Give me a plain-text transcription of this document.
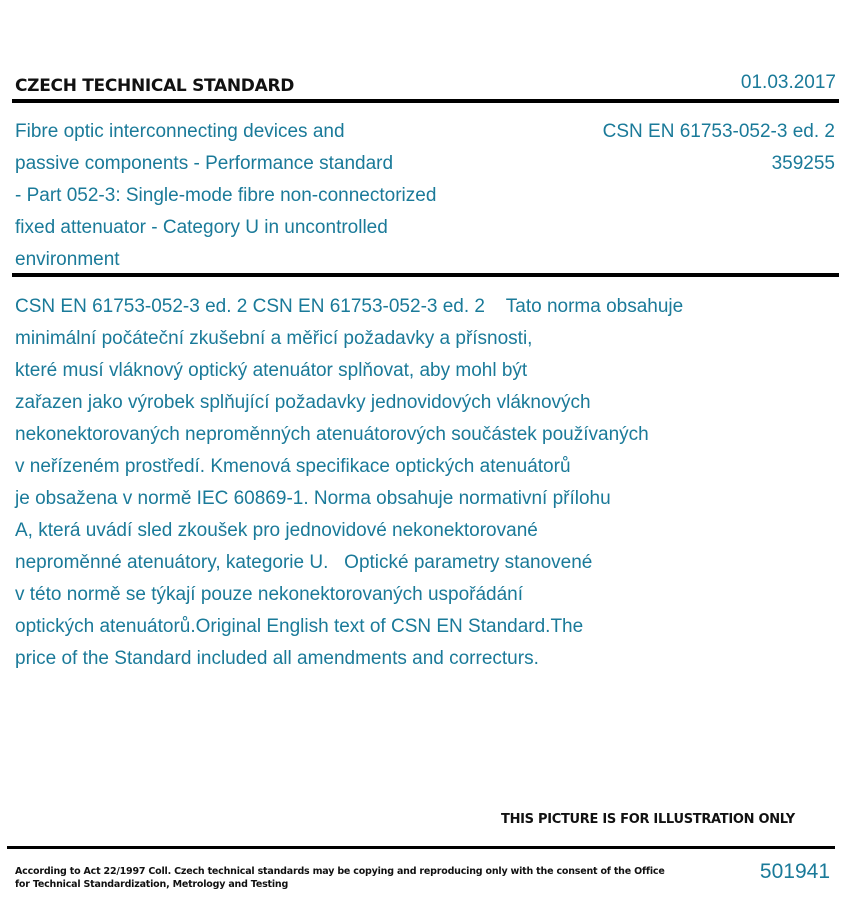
CZECH TECHNICAL STANDARD	01.03.2017
Fibre optic interconnecting devices and
passive components - Performance standard
- Part 052-3: Single-mode fibre non-connectorized
fixed attenuator - Category U in uncontrolled
environment
CSN EN 61753-052-3 ed. 2
359255
CSN EN 61753-052-3 ed. 2 CSN EN 61753-052-3 ed. 2    Tato norma obsahuje
minimální počáteční zkušební a měřicí požadavky a přísnosti,
které musí vláknový optický atenuátor splňovat, aby mohl být
zařazen jako výrobek splňující požadavky jednovidových vláknových
nekonektorovaných neproměnných atenuátorových součástek používaných
v neřízeném prostředí. Kmenová specifikace optických atenuátorů
je obsažena v normě IEC 60869-1. Norma obsahuje normativní přílohu
A, která uvádí sled zkoušek pro jednovidové nekonektorované
neproměnné atenuátory, kategorie U.   Optické parametry stanovené
v této normě se týkají pouze nekonektorovaných uspořádání
optických atenuátorů.Original English text of CSN EN Standard.The
price of the Standard included all amendments and correcturs.
THIS PICTURE IS FOR ILLUSTRATION ONLY
According to Act 22/1997 Coll. Czech technical standards may be copying and reproducing only with the consent of the Office
for Technical Standardization, Metrology and Testing
501941
